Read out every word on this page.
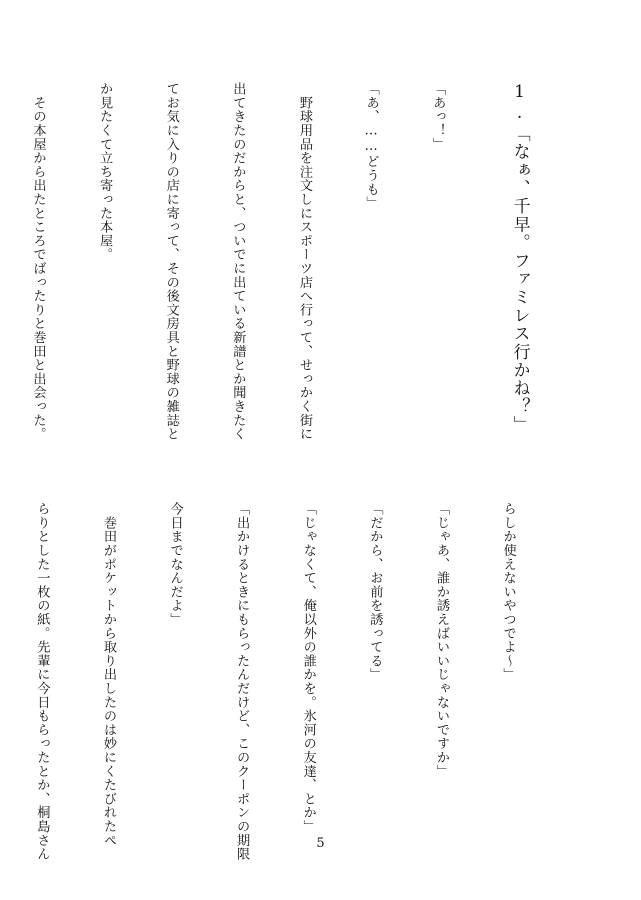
1.「なぁ、千早。ファミレス行かね？」

「あっ！」

「あ、……どうも」

　野球用品を注文しにスポーツ店へ行って、せっかく街に

出てきたのだからと、ついでに出ている新譜とか聞きたく

てお気に入りの店に寄って、その後文房具と野球の雑誌と

か見たくて立ち寄った本屋。

　その本屋から出たところでばったりと巻田と出会った。

らしか使えないやつでよ～」

「じゃあ、誰か誘えばいいじゃないですか」

「だから、お前を誘ってる」

「じゃなくて、俺以外の誰かを。氷河の友達、とか」

「出かけるときにもらったんだけど、このクーポンの期限

今日までなんだよ」

　巻田がポケットから取り出したのは妙にくたびれたペ

らりとした一枚の紙。先輩に今日もらったとか、桐島さん

	5
